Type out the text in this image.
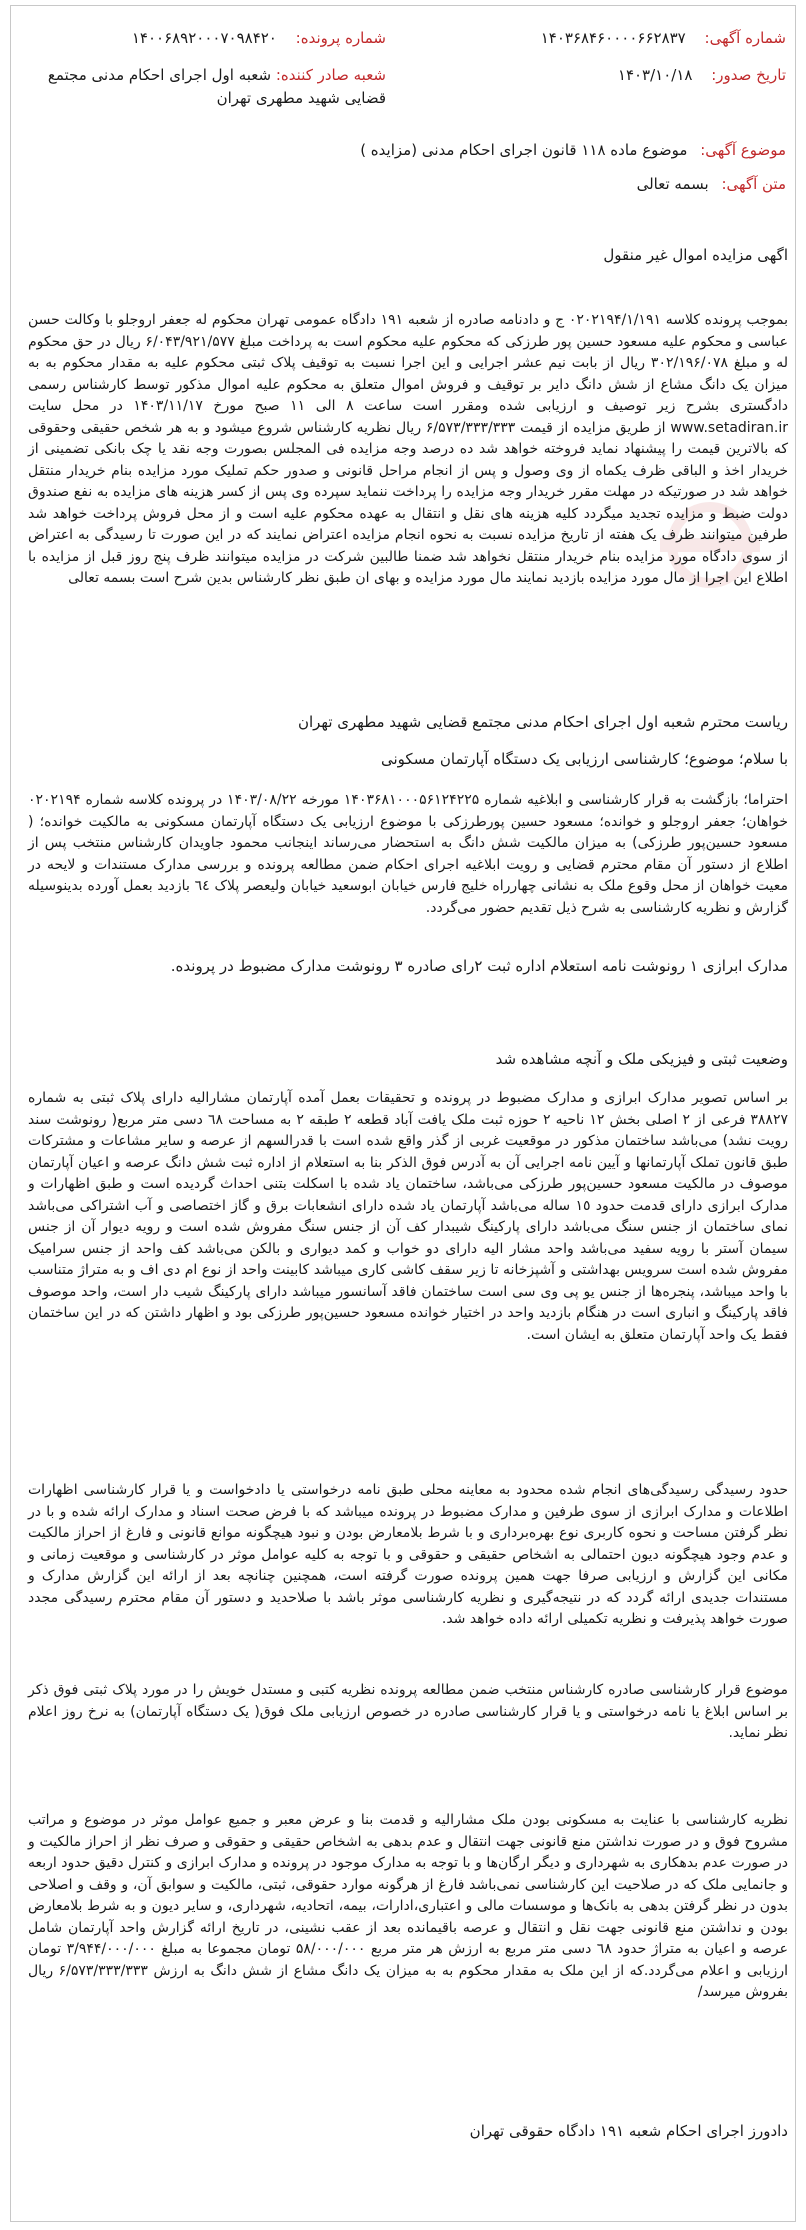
شماره آگهی: ۱۴۰۳۶۸۴۶۰۰۰۰۶۶۲۸۳۷
شماره پرونده: ۱۴۰۰۶۸۹۲۰۰۰۷۰۹۸۴۲۰
تاریخ صدور: ۱۴۰۳/۱۰/۱۸
شعبه صادر کننده: شعبه اول اجرای احکام مدنی مجتمع قضایی شهید مطهری تهران
موضوع آگهی: موضوع ماده ۱۱۸ قانون اجرای احکام مدنی (مزایده )
متن آگهی: بسمه تعالی

اگهی مزایده اموال غیر منقول

بموجب پرونده کلاسه ۰۲۰۲۱۹۴/۱/۱۹۱ ج و دادنامه صادره از شعبه ۱۹۱ دادگاه عمومی تهران محکوم له جعفر اروجلو با وکالت حسن عباسی و محکوم علیه مسعود حسین پور طرزکی که محکوم علیه محکوم است به پرداخت مبلغ ۶/۰۴۳/۹۲۱/۵۷۷ ریال در حق محکوم له و مبلغ ۳۰۲/۱۹۶/۰۷۸ ریال از بابت نیم عشر اجرایی و این اجرا نسبت به توقیف پلاک ثبتی محکوم علیه به مقدار محکوم به به میزان یک دانگ مشاع از شش دانگ دایر بر توقیف و فروش اموال متعلق به محکوم علیه اموال مذکور توسط کارشناس رسمی دادگستری بشرح زیر توصیف و ارزیابی شده ومقرر است ساعت ۸ الی ۱۱ صبح مورخ ۱۴۰۳/۱۱/۱۷ در محل سایت www.setadiran.ir از طریق مزایده از قیمت ۶/۵۷۳/۳۳۳/۳۳۳ ریال نظریه کارشناس شروع میشود و به هر شخص حقیقی وحقوقی که بالاترین قیمت را پیشنهاد نماید فروخته خواهد شد ده درصد وجه مزایده فی المجلس بصورت وجه نقد یا چک بانکی تضمینی از خریدار اخذ و الباقی ظرف یکماه از وی وصول و پس از انجام مراحل قانونی و صدور حکم تملیک مورد مزایده بنام خریدار منتقل خواهد شد در صورتیکه در مهلت مقرر خریدار وجه مزایده را پرداخت ننماید سپرده وی پس از کسر هزینه های مزایده به نفع صندوق دولت ضبط و مزایده تجدید میگردد کلیه هزینه های نقل و انتقال به عهده محکوم علیه است و از محل فروش پرداخت خواهد شد طرفین میتوانند ظرف یک هفته از تاریخ مزایده نسبت به نحوه انجام مزایده اعتراض نمایند که در این صورت تا رسیدگی به اعتراض از سوی دادگاه مورد مزایده بنام خریدار منتقل نخواهد شد ضمنا طالبین شرکت در مزایده میتوانند ظرف پنج روز قبل از مزایده با اطلاع این اجرا از مال مورد مزایده بازدید نمایند مال مورد مزایده و بهای ان طبق نظر کارشناس بدین شرح است بسمه تعالی

ریاست محترم شعبه اول اجرای احکام مدنی مجتمع قضایی شهید مطهری تهران

با سلام؛ موضوع؛ کارشناسی ارزیابی یک دستگاه آپارتمان مسکونی

احتراما؛ بازگشت به قرار کارشناسی و ابلاغیه شماره ۱۴۰۳۶۸۱۰۰۰۵۶۱۲۴۲۲۵ مورخه ۱۴۰۳/۰۸/۲۲ در پرونده کلاسه شماره ۰۲۰۲۱۹۴ خواهان؛ جعفر اروجلو و خوانده؛ مسعود حسین پورطرزکی با موضوع ارزیابی یک دستگاه آپارتمان مسکونی به مالکیت خوانده؛ ( مسعود حسین‌پور طرزکی) به میزان مالکیت شش دانگ به استحضار می‌رساند اینجانب محمود جاویدان کارشناس منتخب پس از اطلاع از دستور آن مقام محترم قضایی و رویت ابلاغیه اجرای احکام ضمن مطالعه پرونده و بررسی مدارک مستندات و لایحه در معیت خواهان از محل وقوع ملک به نشانی چهارراه خلیج فارس خیابان ابوسعید خیابان ولیعصر پلاک ٦٤ بازدید بعمل آورده بدینوسیله گزارش و نظریه کارشناسی به شرح ذیل تقدیم حضور می‌گردد.

مدارک ابرازی ۱ رونوشت نامه استعلام اداره ثبت ۲رای صادره ۳ رونوشت مدارک مضبوط در پرونده.

وضعیت ثبتی و فیزیکی ملک و آنچه مشاهده شد

بر اساس تصویر مدارک ابرازی و مدارک مضبوط در پرونده و تحقیقات بعمل آمده آپارتمان مشارالیه دارای پلاک ثبتی به شماره ۳۸۸۲۷ فرعی از ۲ اصلی بخش ۱۲ ناحیه ۲ حوزه ثبت ملک یافت آباد قطعه ۲ طبقه ۲ به مساحت ٦٨ دسی متر مربع( رونوشت سند رویت نشد) می‌باشد ساختمان مذکور در موقعیت غربی از گذر واقع شده است با قدرالسهم از عرصه و سایر مشاعات و مشترکات طبق قانون تملک آپارتمانها و آیین نامه اجرایی آن به آدرس فوق الذکر بنا به استعلام از اداره ثبت شش دانگ عرصه و اعیان آپارتمان موصوف در مالکیت مسعود حسین‌پور طرزکی می‌باشد، ساختمان یاد شده با اسکلت بتنی احداث گردیده است و طبق اظهارات و مدارک ابرازی دارای قدمت حدود ١٥ ساله می‌باشد آپارتمان یاد شده دارای انشعابات برق و گاز اختصاصی و آب اشتراکی می‌باشد نمای ساختمان از جنس سنگ می‌باشد دارای پارکینگ شیبدار کف آن از جنس سنگ مفروش شده است و رویه دیوار آن از جنس سیمان آستر با رویه سفید می‌باشد واحد مشار الیه دارای دو خواب و کمد دیواری و بالکن می‌باشد کف واحد از جنس سرامیک مفروش شده است سرویس بهداشتی و آشپزخانه تا زیر سقف کاشی کاری میباشد کابینت واحد از نوع ام دی اف و به متراژ متناسب با واحد میباشد، پنجره‌ها از جنس یو پی وی سی است ساختمان فاقد آسانسور میباشد دارای پارکینگ شیب دار است، واحد موصوف فاقد پارکینگ و انباری است در هنگام بازدید واحد در اختیار خوانده مسعود حسین‌پور طرزکی بود و اظهار داشتن که در این ساختمان فقط یک واحد آپارتمان متعلق به ایشان است.

حدود رسیدگی رسیدگی‌های انجام شده محدود به معاینه محلی طبق نامه درخواستی یا دادخواست و یا قرار کارشناسی اظهارات اطلاعات و مدارک ابرازی از سوی طرفین و مدارک مضبوط در پرونده میباشد که با فرض صحت اسناد و مدارک ارائه شده و با در نظر گرفتن مساحت و نحوه کاربری نوع بهره‌برداری و با شرط بلامعارض بودن و نبود هیچگونه موانع قانونی و فارغ از احراز مالکیت و عدم وجود هیچگونه دیون احتمالی به اشخاص حقیقی و حقوقی و با توجه به کلیه عوامل موثر در کارشناسی و موقعیت زمانی و مکانی این گزارش و ارزیابی صرفا جهت همین پرونده صورت گرفته است، همچنین چنانچه بعد از ارائه این گزارش مدارک و مستندات جدیدی ارائه گردد که در نتیجه‌گیری و نظریه کارشناسی موثر باشد با صلاحدید و دستور آن مقام محترم رسیدگی مجدد صورت خواهد پذیرفت و نظریه تکمیلی ارائه داده خواهد شد.

موضوع قرار کارشناسی صادره کارشناس منتخب ضمن مطالعه پرونده نظریه کتبی و مستدل خویش را در مورد پلاک ثبتی فوق ذکر بر اساس ابلاغ یا نامه درخواستی و یا قرار کارشناسی صادره در خصوص ارزیابی ملک فوق( یک دستگاه آپارتمان) به نرخ روز اعلام نظر نماید.

نظریه کارشناسی با عنایت به مسکونی بودن ملک مشارالیه و قدمت بنا و عرض معبر و جمیع عوامل موثر در موضوع و مراتب مشروح فوق و در صورت نداشتن منع قانونی جهت انتقال و عدم بدهی به اشخاص حقیقی و حقوقی و صرف نظر از احراز مالکیت و در صورت عدم بدهکاری به شهرداری و دیگر ارگان‌ها و با توجه به مدارک موجود در پرونده و مدارک ابرازی و کنترل دقیق حدود اربعه و جانمایی ملک که در صلاحیت این کارشناسی نمی‌باشد فارغ از هرگونه موارد حقوقی، ثبتی، مالکیت و سوابق آن، و وقف و اصلاحی بدون در نظر گرفتن بدهی به بانک‌ها و موسسات مالی و اعتباری،ادارات، بیمه، اتحادیه، شهرداری، و سایر دیون و به شرط بلامعارض بودن و نداشتن منع قانونی جهت نقل و انتقال و عرصه باقیمانده بعد از عقب نشینی، در تاریخ ارائه گزارش واحد آپارتمان شامل عرصه و اعیان به متراژ حدود ٦٨ دسی متر مربع به ارزش هر متر مربع ۵۸/۰۰۰/۰۰۰ تومان مجموعا به مبلغ ۳/۹۴۴/۰۰۰/۰۰۰ تومان ارزیابی و اعلام می‌گردد.که از این ملک به مقدار محکوم به به میزان یک دانگ مشاع از شش دانگ به ارزش ۶/۵۷۳/۳۳۳/۳۳۳ ریال بفروش میرسد/

دادورز اجرای احکام شعبه ۱۹۱ دادگاه حقوقی تهران
